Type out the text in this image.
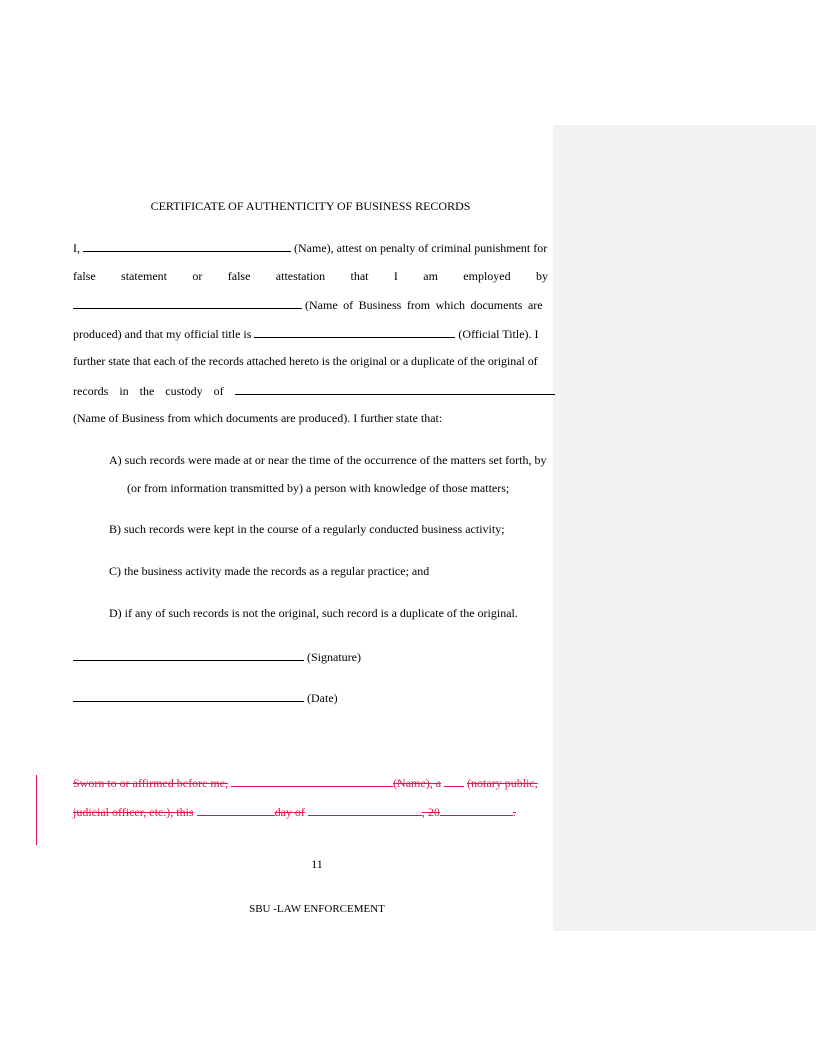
CERTIFICATE OF AUTHENTICITY OF BUSINESS RECORDS
I,	(Name), attest on penalty of criminal punishment for
false statement or false attestation that I am employed by
(Name of Business from which documents are
produced) and that my official title is	(Official Title). I
further state that each of the records attached hereto is the original or a duplicate of the original of
records in the custody of
(Name of Business from which documents are produced). I further state that:
A) such records were made at or near the time of the occurrence of the matters set forth, by
(or from information transmitted by) a person with knowledge of those matters;
B) such records were kept in the course of a regularly conducted business activity;
C) the business activity made the records as a regular practice; and
D) if any of such records is not the original, such record is a duplicate of the original.
(Signature)
(Date)
Sworn to or affirmed before me,	(Name), a (notary public,
judicial officer, etc.), this	day of	, 20	.
11
SBU -LAW ENFORCEMENT
